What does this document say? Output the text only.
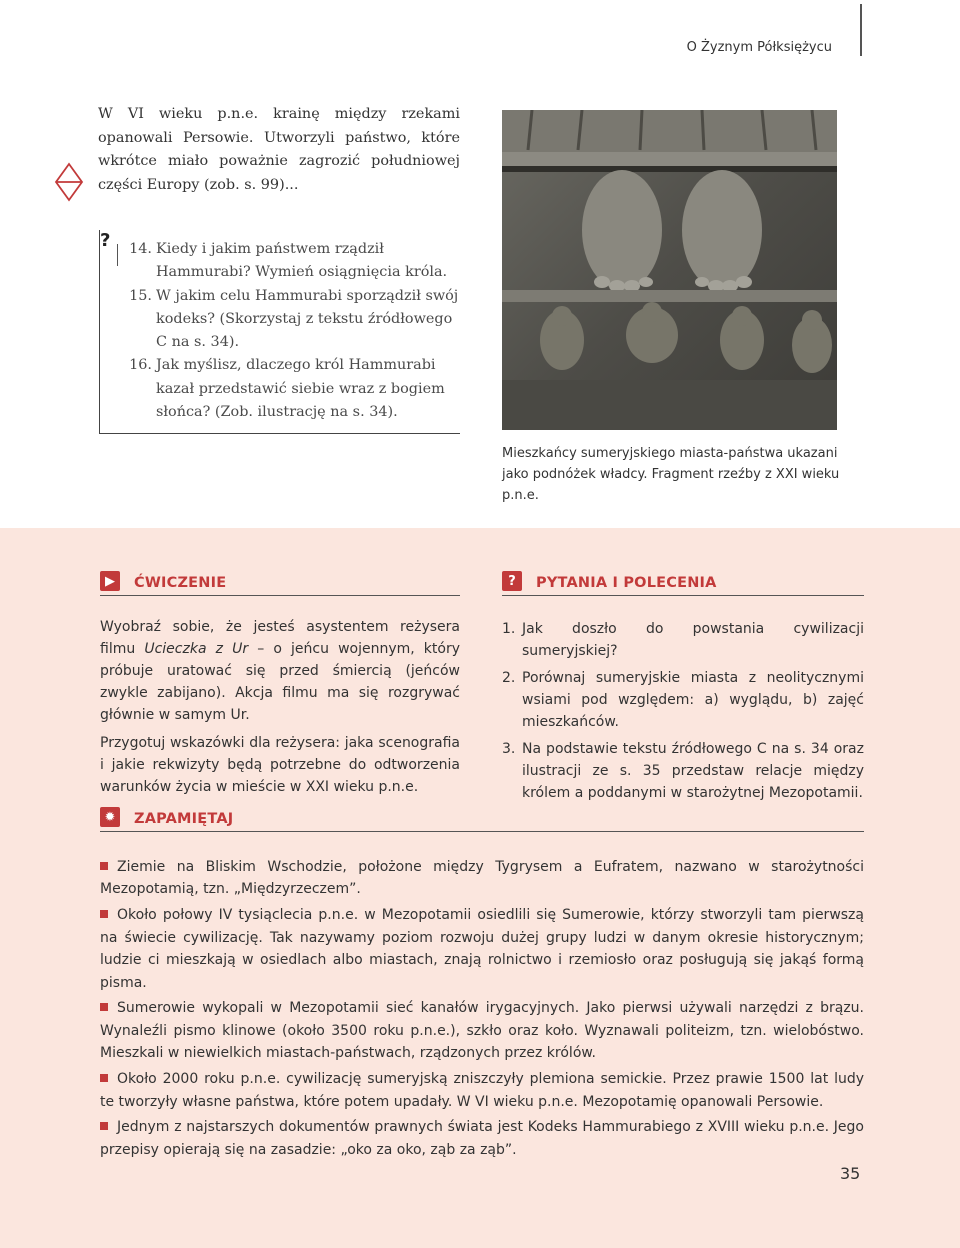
O Żyznym Półksiężycu
W VI wieku p.n.e. krainę między rzekami opanowali Persowie. Utworzyli państwo, które wkrótce miało poważnie zagrozić południowej części Europy (zob. s. 99)...
? 14. Kiedy i jakim państwem rządził Hammurabi? Wymień osiągnięcia króla.
15. W jakim celu Hammurabi sporządził swój kodeks? (Skorzystaj z tekstu źródłowego C na s. 34).
16. Jak myślisz, dlaczego król Hammurabi kazał przedstawić siebie wraz z bogiem słońca? (Zob. ilustrację na s. 34).
Mieszkańcy sumeryjskiego miasta-państwa ukazani jako podnóżek władcy. Fragment rzeźby z XXI wieku p.n.e.
▶	ĆWICZENIE

Wyobraź sobie, że jesteś asystentem reżysera filmu Ucieczka z Ur – o jeńcu wojennym, który próbuje uratować się przed śmiercią (jeńców zwykle zabijano). Akcja filmu ma się rozgrywać głównie w samym Ur.

Przygotuj wskazówki dla reżysera: jaka scenografia i jakie rekwizyty będą potrzebne do odtworzenia warunków życia w mieście w XXI wieku p.n.e.

?	PYTANIA I POLECENIA
1. Jak doszło do powstania cywilizacji sumeryjskiej?
2. Porównaj sumeryjskie miasta z neolitycznymi wsiami pod względem: a) wyglądu, b) zajęć mieszkańców.
3. Na podstawie tekstu źródłowego C na s. 34 oraz ilustracji ze s. 35 przedstaw relacje między królem a poddanymi w starożytnej Mezopotamii.
✹	ZAPAMIĘTAJ
Ziemie na Bliskim Wschodzie, położone między Tygrysem a Eufratem, nazwano w starożytności Mezopotamią, tzn. „Międzyrzeczem”.
Około połowy IV tysiąclecia p.n.e. w Mezopotamii osiedlili się Sumerowie, którzy stworzyli tam pierwszą na świecie cywilizację. Tak nazywamy poziom rozwoju dużej grupy ludzi w danym okresie historycznym; ludzie ci mieszkają w osiedlach albo miastach, znają rolnictwo i rzemiosło oraz posługują się jakąś formą pisma.
Sumerowie wykopali w Mezopotamii sieć kanałów irygacyjnych. Jako pierwsi używali narzędzi z brązu. Wynaleźli pismo klinowe (około 3500 roku p.n.e.), szkło oraz koło. Wyznawali politeizm, tzn. wielobóstwo. Mieszkali w niewielkich miastach-państwach, rządzonych przez królów.
Około 2000 roku p.n.e. cywilizację sumeryjską zniszczyły plemiona semickie. Przez prawie 1500 lat ludy te tworzyły własne państwa, które potem upadały. W VI wieku p.n.e. Mezopotamię opanowali Persowie.
Jednym z najstarszych dokumentów prawnych świata jest Kodeks Hammurabiego z XVIII wieku p.n.e. Jego przepisy opierają się na zasadzie: „oko za oko, ząb za ząb”.
35
